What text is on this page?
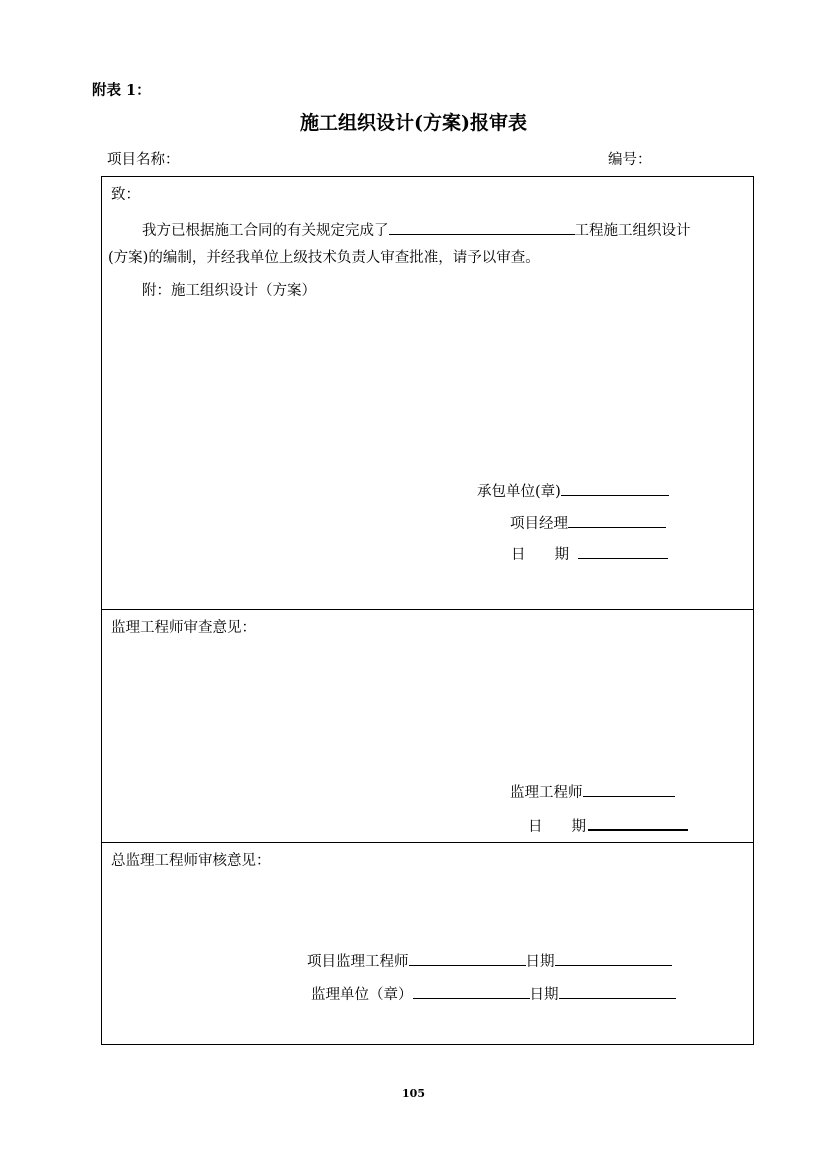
附表 1：
施工组织设计(方案)报审表
项目名称：	编号：
致：
我方已根据施工合同的有关规定完成了	工程施工组织设计
(方案)的编制，并经我单位上级技术负责人审查批准，请予以审查。
附：施工组织设计（方案）
承包单位(章)
项目经理
日　　期
监理工程师审查意见：
监理工程师
日　　期
总监理工程师审核意见：
项目监理工程师	日期
监理单位（章）	日期
105
